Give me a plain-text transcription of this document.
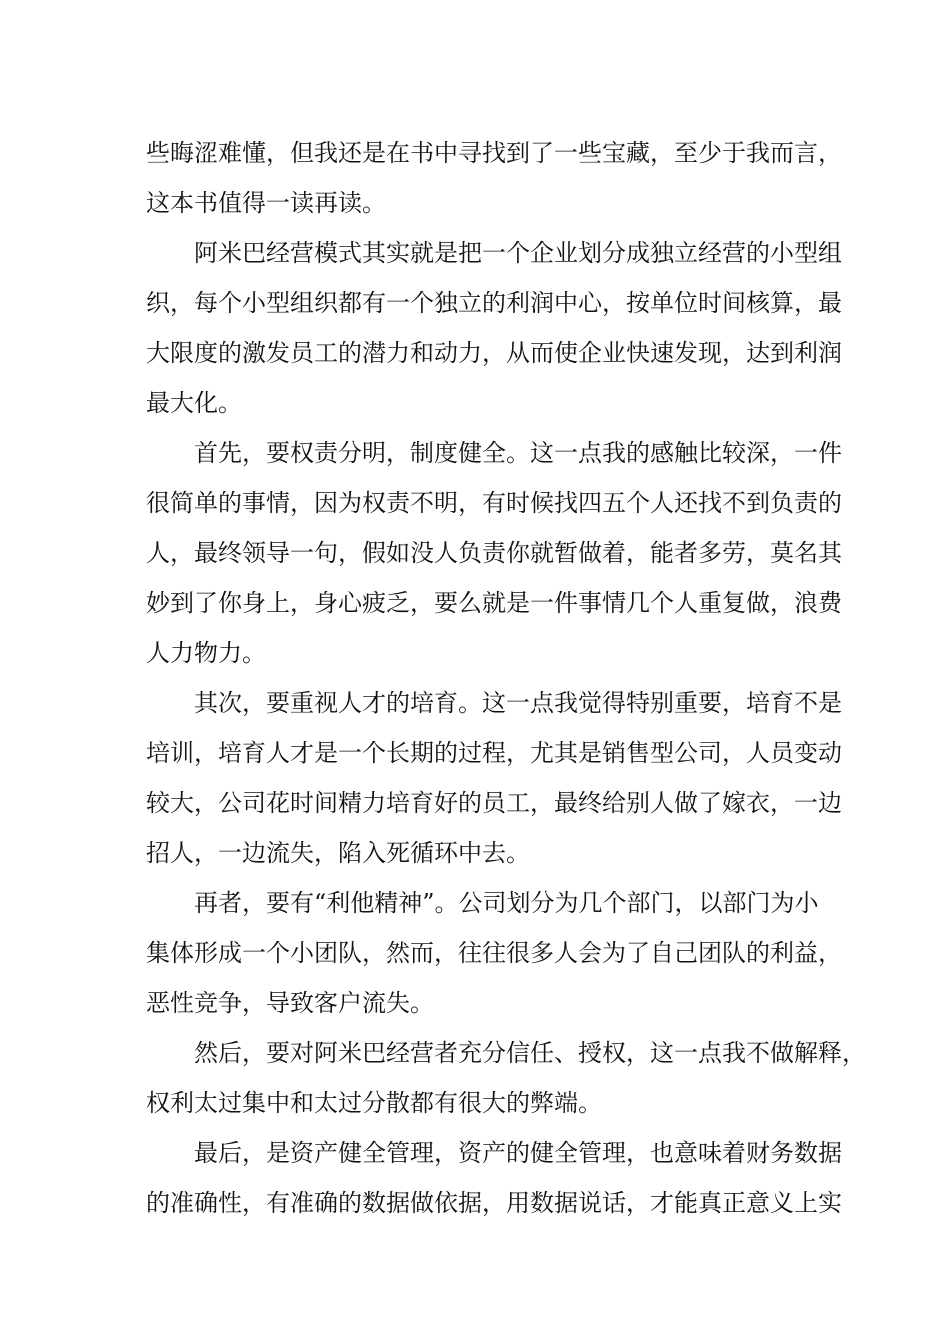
些晦涩难懂，但我还是在书中寻找到了一些宝藏，至少于我而言，
这本书值得一读再读。
阿米巴经营模式其实就是把一个企业划分成独立经营的小型组
织，每个小型组织都有一个独立的利润中心，按单位时间核算，最
大限度的激发员工的潜力和动力，从而使企业快速发现，达到利润
最大化。
首先，要权责分明，制度健全。这一点我的感触比较深，一件
很简单的事情，因为权责不明，有时候找四五个人还找不到负责的
人，最终领导一句，假如没人负责你就暂做着，能者多劳，莫名其
妙到了你身上，身心疲乏，要么就是一件事情几个人重复做，浪费
人力物力。
其次，要重视人才的培育。这一点我觉得特别重要，培育不是
培训，培育人才是一个长期的过程，尤其是销售型公司，人员变动
较大，公司花时间精力培育好的员工，最终给别人做了嫁衣，一边
招人，一边流失，陷入死循环中去。
再者，要有“利他精神”。公司划分为几个部门，以部门为小
集体形成一个小团队，然而，往往很多人会为了自己团队的利益，
恶性竞争，导致客户流失。
然后，要对阿米巴经营者充分信任、授权，这一点我不做解释，
权利太过集中和太过分散都有很大的弊端。
最后，是资产健全管理，资产的健全管理，也意味着财务数据
的准确性，有准确的数据做依据，用数据说话，才能真正意义上实
